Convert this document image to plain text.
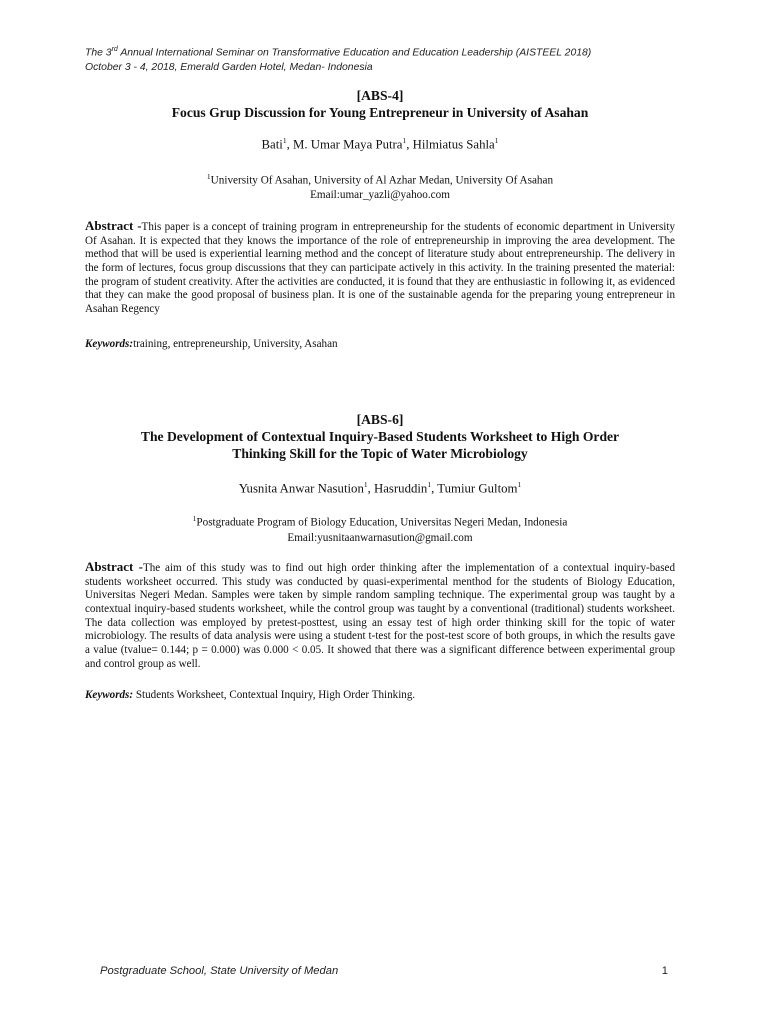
The 3rd Annual International Seminar on Transformative Education and Education Leadership (AISTEEL 2018)
October 3 - 4, 2018, Emerald Garden Hotel, Medan- Indonesia
[ABS-4]
Focus Grup Discussion for Young Entrepreneur in University of Asahan
Bati$^1$, M. Umar Maya Putra$^1$, Hilmiatus Sahla$^1$
$^1$University Of Asahan, University of Al Azhar Medan, University Of Asahan
Email:umar_yazli@yahoo.com
Abstract -This paper is a concept of training program in entrepreneurship for the students of economic department in University Of Asahan. It is expected that they knows the importance of the role of entrepreneurship in improving the area development. The method that will be used is experiential learning method and the concept of literature study about entrepreneurship. The delivery in the form of lectures, focus group discussions that they can participate actively in this activity. In the training presented the material: the program of student creativity. After the activities are conducted, it is found that they are enthusiastic in following it, as evidenced that they can make the good proposal of business plan. It is one of the sustainable agenda for the preparing young entrepreneur in Asahan Regency
Keywords:training, entrepreneurship, University, Asahan
[ABS-6]
The Development of Contextual Inquiry-Based Students Worksheet to High Order
Thinking Skill for the Topic of Water Microbiology
Yusnita Anwar Nasution$^1$, Hasruddin$^1$, Tumiur Gultom$^1$
$^1$Postgraduate Program of Biology Education, Universitas Negeri Medan, Indonesia
Email:yusnitaanwarnasution@gmail.com
Abstract -The aim of this study was to find out high order thinking after the implementation of a contextual inquiry-based students worksheet occurred. This study was conducted by quasi-experimental menthod for the students of Biology Education, Universitas Negeri Medan. Samples were taken by simple random sampling technique. The experimental group was taught by a contextual inquiry-based students worksheet, while the control group was taught by a conventional (traditional) students worksheet. The data collection was employed by pretest-posttest, using an essay test of high order thinking skill for the topic of water microbiology. The results of data analysis were using a student t-test for the post-test score of both groups, in which the results gave a value (tvalue= 0.144; p = 0.000) was 0.000 < 0.05. It showed that there was a significant difference between experimental group and control group as well.
Keywords: Students Worksheet, Contextual Inquiry, High Order Thinking.
Postgraduate School, State University of Medan	1
